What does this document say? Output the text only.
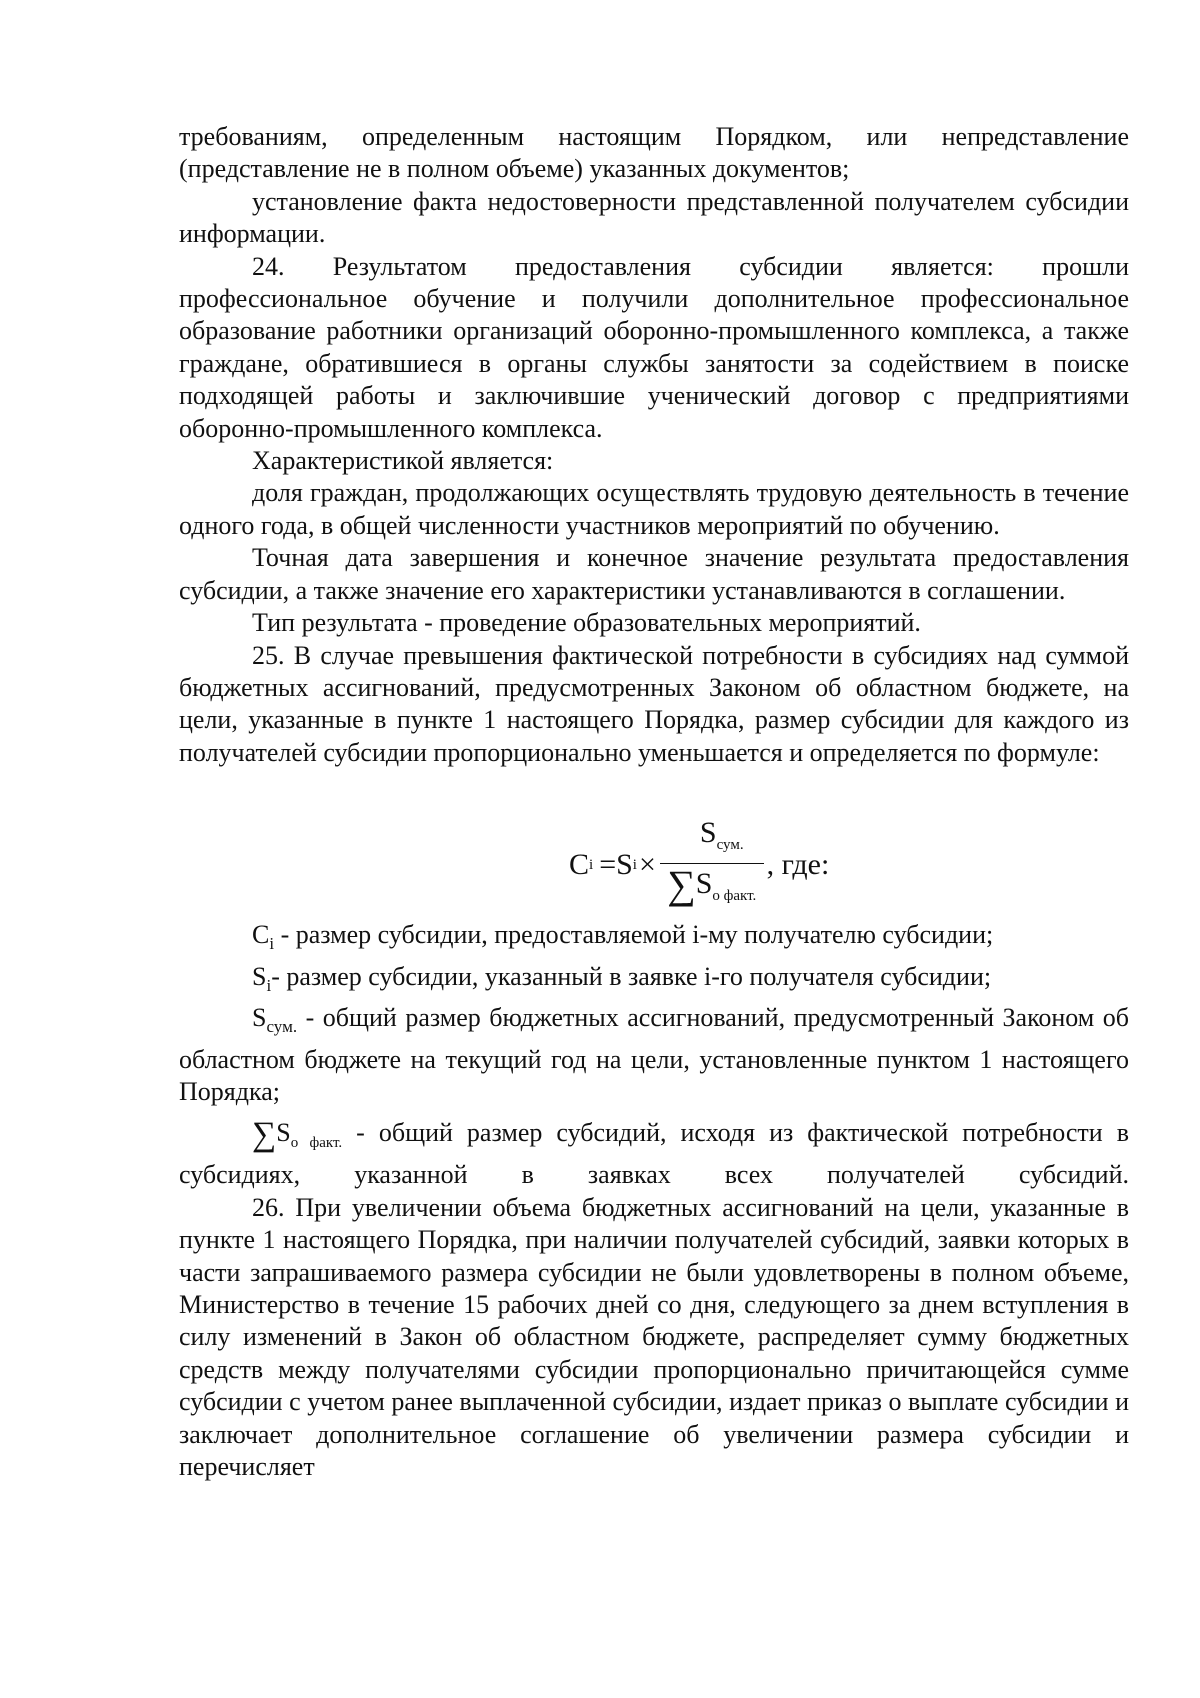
требованиям, определенным настоящим Порядком, или непредставление (представление не в полном объеме) указанных документов;

установление факта недостоверности представленной получателем субсидии информации.

24. Результатом предоставления субсидии является: прошли профессиональное обучение и получили дополнительное профессиональное образование работники организаций оборонно-промышленного комплекса, а также граждане, обратившиеся в органы службы занятости за содействием в поиске подходящей работы и заключившие ученический договор с предприятиями оборонно-промышленного комплекса.

Характеристикой является:

доля граждан, продолжающих осуществлять трудовую деятельность в течение одного года, в общей численности участников мероприятий по обучению.

Точная дата завершения и конечное значение результата предоставления субсидии, а также значение его характеристики устанавливаются в соглашении.

Тип результата - проведение образовательных мероприятий.

25. В случае превышения фактической потребности в субсидиях над суммой бюджетных ассигнований, предусмотренных Законом об областном бюджете, на цели, указанные в пункте 1 настоящего Порядка, размер субсидии для каждого из получателей субсидии пропорционально уменьшается и определяется по формуле:

C i =S $i \times \frac{S_{сум.}}{\sum S_{о факт.}}$ , где:

$C_i$ - размер субсидии, предоставляемой i-му получателю субсидии;

$S_i-$ размер субсидии, указанный в заявке i-го получателя субсидии;

$S_{сум.}$ - общий размер бюджетных ассигнований, предусмотренный Законом об областном бюджете на текущий год на цели, установленные пунктом 1 настоящего Порядка;

$\sum S_{о факт.}$ - общий размер субсидий, исходя из фактической потребности в субсидиях, указанной в заявках всех получателей субсидий.

26. При увеличении объема бюджетных ассигнований на цели, указанные в пункте 1 настоящего Порядка, при наличии получателей субсидий, заявки которых в части запрашиваемого размера субсидии не были удовлетворены в полном объеме, Министерство в течение 15 рабочих дней со дня, следующего за днем вступления в силу изменений в Закон об областном бюджете, распределяет сумму бюджетных средств между получателями субсидии пропорционально причитающейся сумме субсидии с учетом ранее выплаченной субсидии, издает приказ о выплате субсидии и заключает дополнительное соглашение об увеличении размера субсидии и перечисляет
